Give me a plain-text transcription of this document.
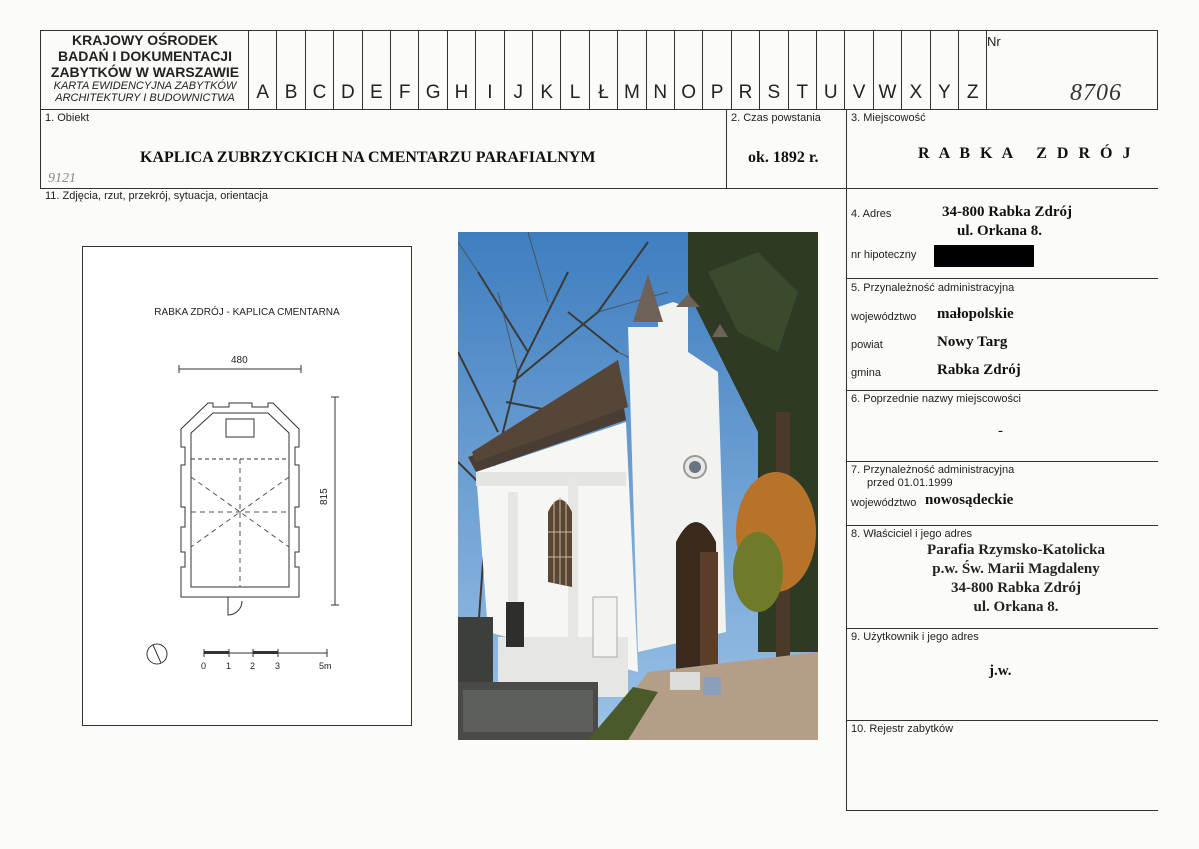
KRAJOWY OŚRODEK
BADAŃ I DOKUMENTACJI
ZABYTKÓW W WARSZAWIE
KARTA EWIDENCYJNA ZABYTKÓW
ARCHITEKTURY I BUDOWNICTWA	A B C D E F G H I	J K L Ł M N O P R S T U V W X Y Z
Nr
8706
1. Obiekt
KAPLICA ZUBRZYCKICH NA CMENTARZU PARAFIALNYM
2. Czas powstania
ok. 1892 r.
3. Miejscowość
R A B K A   Z D R Ó J
9121
11. Zdjęcia, rzut, przekrój, sytuacja, orientacja
RABKA ZDRÓJ - KAPLICA CMENTARNA
480
815
0 1 2 3	5m
4. Adres	34-800 Rabka Zdrój
ul. Orkana 8.
nr hipoteczny
5. Przynależność administracyjna
województwo małopolskie
powiat	Nowy Targ
gmina	Rabka Zdrój
6. Poprzednie nazwy miejscowości
-
7. Przynależność administracyjna
przed 01.01.1999
województwo nowosądeckie
8. Właściciel i jego adres
Parafia Rzymsko-Katolicka
p.w. Św. Marii Magdaleny
34-800 Rabka Zdrój
ul. Orkana 8.
9. Użytkownik i jego adres
j.w.
10. Rejestr zabytków
